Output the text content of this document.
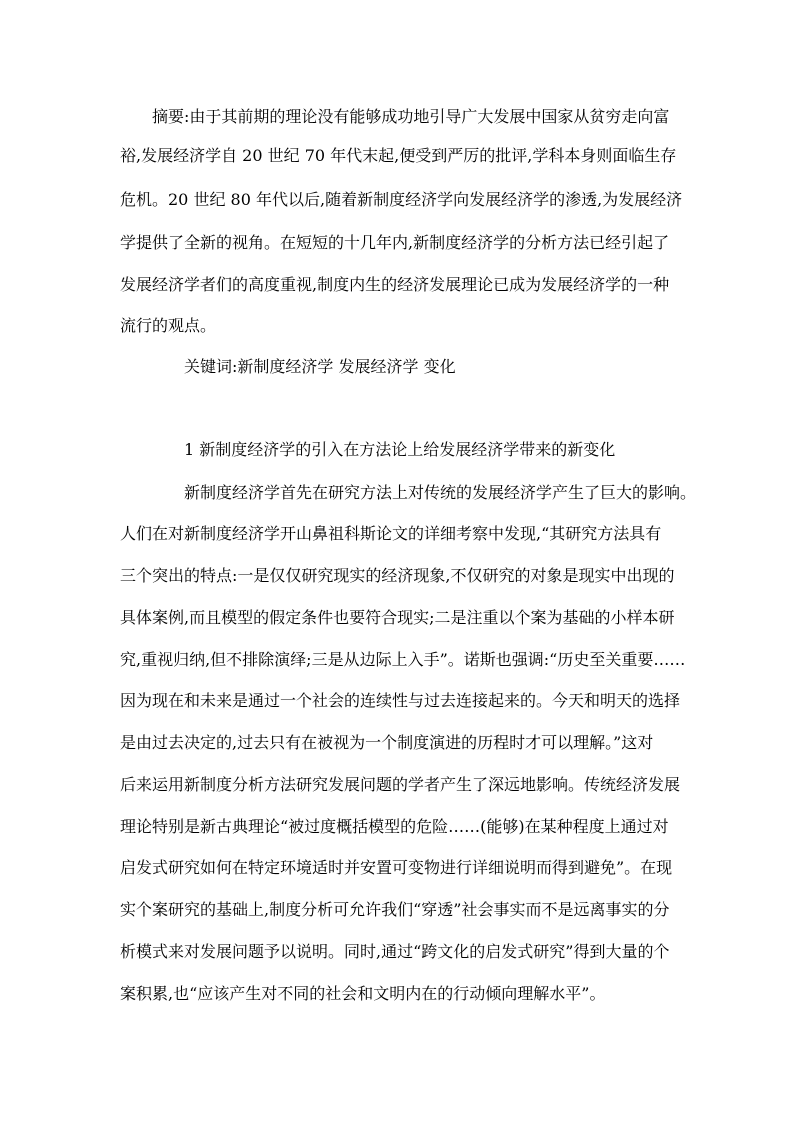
摘要:由于其前期的理论没有能够成功地引导广大发展中国家从贫穷走向富
裕,发展经济学自 20 世纪 70 年代末起,便受到严厉的批评,学科本身则面临生存
危机。20 世纪 80 年代以后,随着新制度经济学向发展经济学的渗透,为发展经济
学提供了全新的视角。在短短的十几年内,新制度经济学的分析方法已经引起了
发展经济学者们的高度重视,制度内生的经济发展理论已成为发展经济学的一种
流行的观点。
关键词:新制度经济学 发展经济学 变化
1 新制度经济学的引入在方法论上给发展经济学带来的新变化
新制度经济学首先在研究方法上对传统的发展经济学产生了巨大的影响。
人们在对新制度经济学开山鼻祖科斯论文的详细考察中发现,“其研究方法具有
三个突出的特点:一是仅仅研究现实的经济现象,不仅研究的对象是现实中出现的
具体案例,而且模型的假定条件也要符合现实;二是注重以个案为基础的小样本研
究,重视归纳,但不排除演绎;三是从边际上入手”。诺斯也强调:“历史至关重要……
因为现在和未来是通过一个社会的连续性与过去连接起来的。今天和明天的选择
是由过去决定的,过去只有在被视为一个制度演进的历程时才可以理解。”这对
后来运用新制度分析方法研究发展问题的学者产生了深远地影响。传统经济发展
理论特别是新古典理论“被过度概括模型的危险……(能够)在某种程度上通过对
启发式研究如何在特定环境适时并安置可变物进行详细说明而得到避免”。在现
实个案研究的基础上,制度分析可允许我们“穿透”社会事实而不是远离事实的分
析模式来对发展问题予以说明。同时,通过“跨文化的启发式研究”得到大量的个
案积累,也“应该产生对不同的社会和文明内在的行动倾向理解水平”。
